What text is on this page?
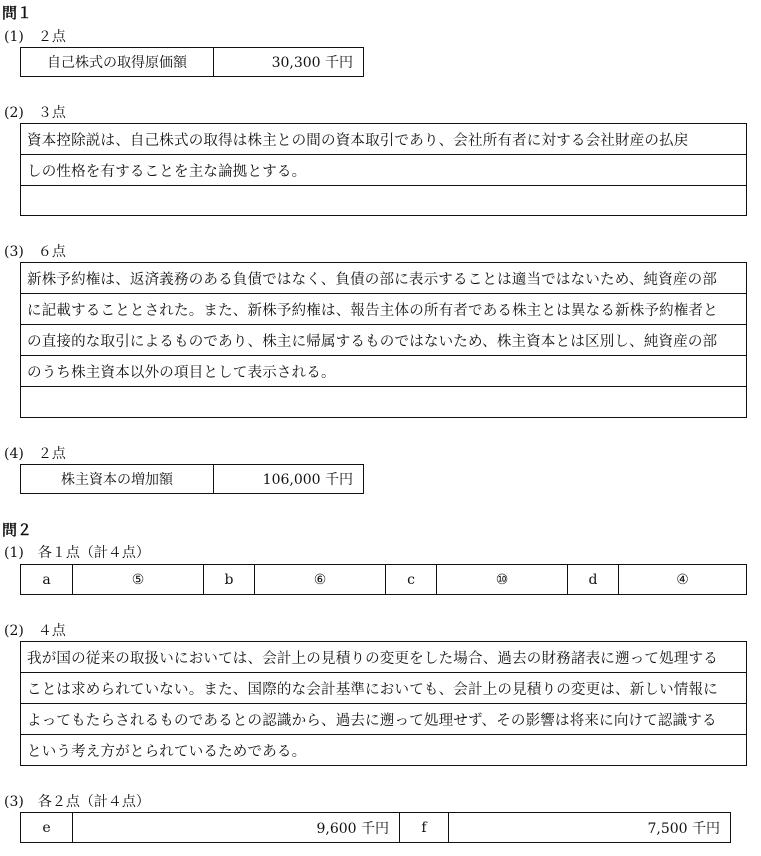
問１
(1)　２点
自己株式の取得原価額	30,300 千円
(2)　３点
資本控除説は、自己株式の取得は株主との間の資本取引であり、会社所有者に対する会社財産の払戻
しの性格を有することを主な論拠とする。
(3)　６点
新株予約権は、返済義務のある負債ではなく、負債の部に表示することは適当ではないため、純資産の部
に記載することとされた。また、新株予約権は、報告主体の所有者である株主とは異なる新株予約権者と
の直接的な取引によるものであり、株主に帰属するものではないため、株主資本とは区別し、純資産の部
のうち株主資本以外の項目として表示される。
(4)　２点
株主資本の増加額	106,000 千円
問２
(1)　各１点（計４点）
a	⑤	b	⑥	c	⑩	d	④
(2)　４点
我が国の従来の取扱いにおいては、会計上の見積りの変更をした場合、過去の財務諸表に遡って処理する
ことは求められていない。また、国際的な会計基準においても、会計上の見積りの変更は、新しい情報に
よってもたらされるものであるとの認識から、過去に遡って処理せず、その影響は将来に向けて認識する
という考え方がとられているためである。
(3)　各２点（計４点）
e	9,600 千円	f	7,500 千円
